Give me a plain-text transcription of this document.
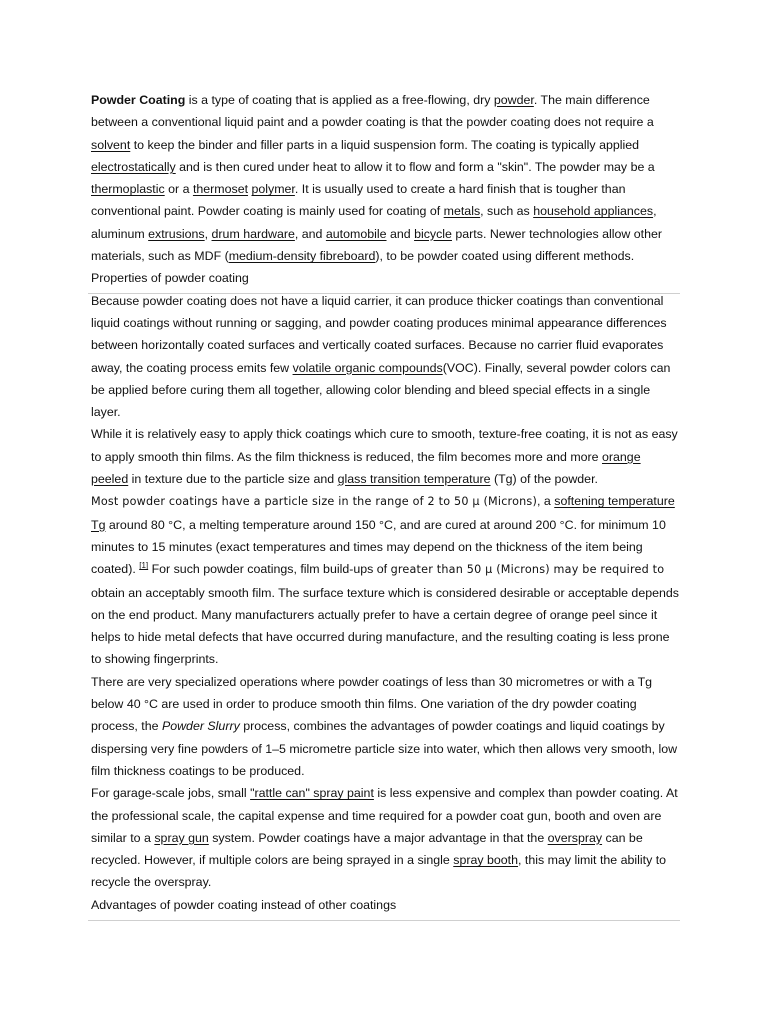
Powder Coating is a type of coating that is applied as a free-flowing, dry powder. The main difference between a conventional liquid paint and a powder coating is that the powder coating does not require a solvent to keep the binder and filler parts in a liquid suspension form. The coating is typically applied electrostatically and is then cured under heat to allow it to flow and form a "skin". The powder may be a thermoplastic or a thermoset polymer. It is usually used to create a hard finish that is tougher than conventional paint. Powder coating is mainly used for coating of metals, such as household appliances, aluminum extrusions, drum hardware, and automobile and bicycle parts. Newer technologies allow other materials, such as MDF (medium-density fibreboard), to be powder coated using different methods.

Properties of powder coating

Because powder coating does not have a liquid carrier, it can produce thicker coatings than conventional liquid coatings without running or sagging, and powder coating produces minimal appearance differences between horizontally coated surfaces and vertically coated surfaces. Because no carrier fluid evaporates away, the coating process emits few volatile organic compounds(VOC). Finally, several powder colors can be applied before curing them all together, allowing color blending and bleed special effects in a single layer.

While it is relatively easy to apply thick coatings which cure to smooth, texture-free coating, it is not as easy to apply smooth thin films. As the film thickness is reduced, the film becomes more and more orange peeled in texture due to the particle size and glass transition temperature (Tg) of the powder.

Most powder coatings have a particle size in the range of 2 to 50 μ (Microns), a softening temperature Tg around 80 °C, a melting temperature around 150 °C, and are cured at around 200 °C. for minimum 10 minutes to 15 minutes (exact temperatures and times may depend on the thickness of the item being coated). [1] For such powder coatings, film build-ups of greater than 50 μ (Microns) may be required to obtain an acceptably smooth film. The surface texture which is considered desirable or acceptable depends on the end product. Many manufacturers actually prefer to have a certain degree of orange peel since it helps to hide metal defects that have occurred during manufacture, and the resulting coating is less prone to showing fingerprints.

There are very specialized operations where powder coatings of less than 30 micrometres or with a Tg below 40 °C are used in order to produce smooth thin films. One variation of the dry powder coating process, the Powder Slurry process, combines the advantages of powder coatings and liquid coatings by dispersing very fine powders of 1–5 micrometre particle size into water, which then allows very smooth, low film thickness coatings to be produced.

For garage-scale jobs, small "rattle can" spray paint is less expensive and complex than powder coating. At the professional scale, the capital expense and time required for a powder coat gun, booth and oven are similar to a spray gun system. Powder coatings have a major advantage in that the overspray can be recycled. However, if multiple colors are being sprayed in a single spray booth, this may limit the ability to recycle the overspray.

Advantages of powder coating instead of other coatings
